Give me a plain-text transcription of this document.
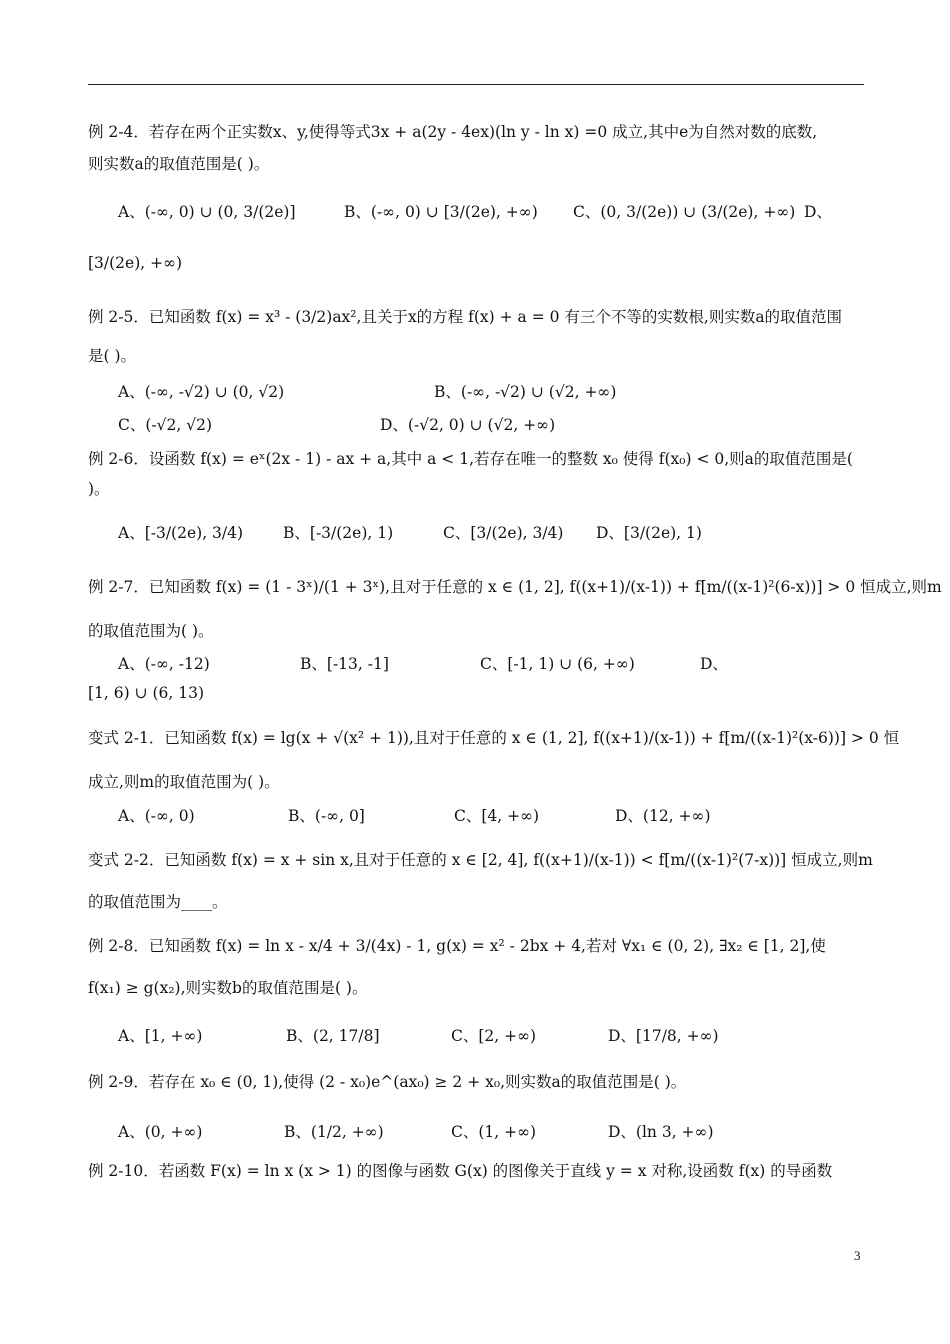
例 2-4．若存在两个正实数x、y,使得等式3x + a(2y - 4ex)(ln y - ln x) =0 成立,其中e为自然对数的底数,
则实数a的取值范围是( )。
A、(-∞, 0) ∪ (0, 3/(2e)]	B、(-∞, 0) ∪ [3/(2e), +∞) C、(0, 3/(2e)) ∪ (3/(2e), +∞) D、
[3/(2e), +∞)
例 2-5．已知函数 f(x) = x³ - (3/2)ax²,且关于x的方程 f(x) + a = 0 有三个不等的实数根,则实数a的取值范围
是( )。
A、(-∞, -√2) ∪ (0, √2)	B、(-∞, -√2) ∪ (√2, +∞)
C、(-√2, √2)	D、(-√2, 0) ∪ (√2, +∞)
例 2-6．设函数 f(x) = eˣ(2x - 1) - ax + a,其中 a < 1,若存在唯一的整数 x₀ 使得 f(x₀) < 0,则a的取值范围是(
)。
A、[-3/(2e), 3/4)	B、[-3/(2e), 1)	C、[3/(2e), 3/4) D、[3/(2e), 1)
例 2-7．已知函数 f(x) = (1 - 3ˣ)/(1 + 3ˣ),且对于任意的 x ∈ (1, 2], f((x+1)/(x-1)) + f[m/((x-1)²(6-x))] > 0 恒成立,则m
的取值范围为( )。
A、(-∞, -12)	B、[-13, -1]	C、[-1, 1) ∪ (6, +∞)	D、
[1, 6) ∪ (6, 13)
变式 2-1．已知函数 f(x) = lg(x + √(x² + 1)),且对于任意的 x ∈ (1, 2], f((x+1)/(x-1)) + f[m/((x-1)²(x-6))] > 0 恒
成立,则m的取值范围为( )。
A、(-∞, 0)	B、(-∞, 0]	C、[4, +∞)	D、(12, +∞)
变式 2-2．已知函数 f(x) = x + sin x,且对于任意的 x ∈ [2, 4], f((x+1)/(x-1)) < f[m/((x-1)²(7-x))] 恒成立,则m
的取值范围为____。
例 2-8．已知函数 f(x) = ln x - x/4 + 3/(4x) - 1, g(x) = x² - 2bx + 4,若对 ∀x₁ ∈ (0, 2), ∃x₂ ∈ [1, 2],使
f(x₁) ≥ g(x₂),则实数b的取值范围是( )。
A、[1, +∞)	B、(2, 17/8]	C、[2, +∞)	D、[17/8, +∞)
例 2-9．若存在 x₀ ∈ (0, 1),使得 (2 - x₀)e^(ax₀) ≥ 2 + x₀,则实数a的取值范围是( )。
A、(0, +∞)	B、(1/2, +∞)	C、(1, +∞)	D、(ln 3, +∞)
例 2-10．若函数 F(x) = ln x (x > 1) 的图像与函数 G(x) 的图像关于直线 y = x 对称,设函数 f(x) 的导函数
3
